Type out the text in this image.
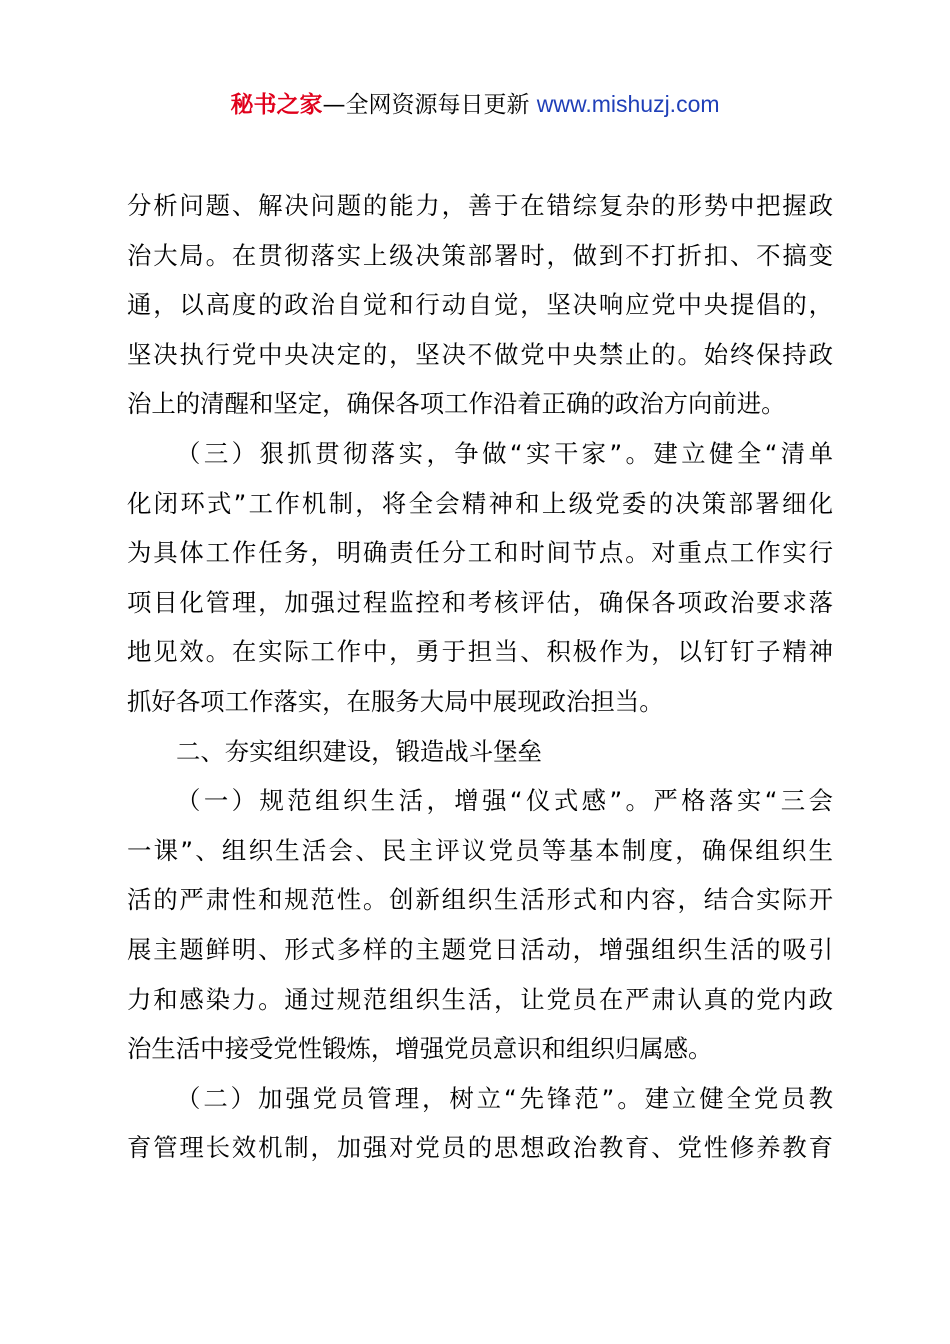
秘书之家—全网资源每日更新 www.mishuzj.com
分析问题、解决问题的能力，善于在错综复杂的形势中把握政
治大局。在贯彻落实上级决策部署时，做到不打折扣、不搞变
通，以高度的政治自觉和行动自觉，坚决响应党中央提倡的，
坚决执行党中央决定的，坚决不做党中央禁止的。始终保持政
治上的清醒和坚定，确保各项工作沿着正确的政治方向前进。
（三）狠抓贯彻落实，争做“实干家”。建立健全“清单
化闭环式”工作机制，将全会精神和上级党委的决策部署细化
为具体工作任务，明确责任分工和时间节点。对重点工作实行
项目化管理，加强过程监控和考核评估，确保各项政治要求落
地见效。在实际工作中，勇于担当、积极作为，以钉钉子精神
抓好各项工作落实，在服务大局中展现政治担当。
二、夯实组织建设，锻造战斗堡垒
（一）规范组织生活，增强“仪式感”。严格落实“三会
一课”、组织生活会、民主评议党员等基本制度，确保组织生
活的严肃性和规范性。创新组织生活形式和内容，结合实际开
展主题鲜明、形式多样的主题党日活动，增强组织生活的吸引
力和感染力。通过规范组织生活，让党员在严肃认真的党内政
治生活中接受党性锻炼，增强党员意识和组织归属感。
（二）加强党员管理，树立“先锋范”。建立健全党员教
育管理长效机制，加强对党员的思想政治教育、党性修养教育
